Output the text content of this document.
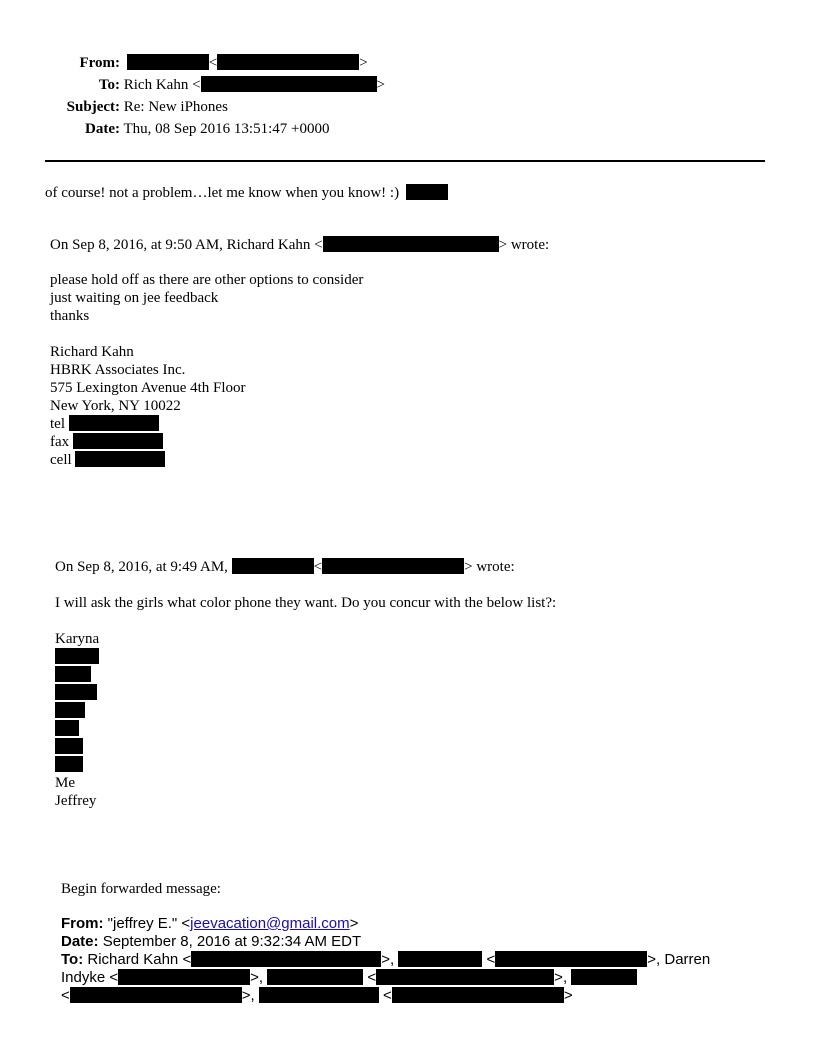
From:	<	>
To: Rich Kahn <	>
Subject: Re: New iPhones
Date: Thu, 08 Sep 2016 13:51:47 +0000
of course! not a problem…let me know when you know! :)
On Sep 8, 2016, at 9:50 AM, Richard Kahn <	> wrote:
please hold off as there are other options to consider
just waiting on jee feedback
thanks
Richard Kahn
HBRK Associates Inc.
575 Lexington Avenue 4th Floor
New York, NY 10022
tel
fax
cell
On Sep 8, 2016, at 9:49 AM,	<	> wrote:
I will ask the girls what color phone they want. Do you concur with the below list?:
Karyna
Me
Jeffrey
Begin forwarded message:
From: "jeffrey E." <jeevacation@gmail.com>
Date: September 8, 2016 at 9:32:34 AM EDT
To: Richard Kahn <	>,	<	>, Darren
Indyke <	>,	<	>,
<	>,	<	>
